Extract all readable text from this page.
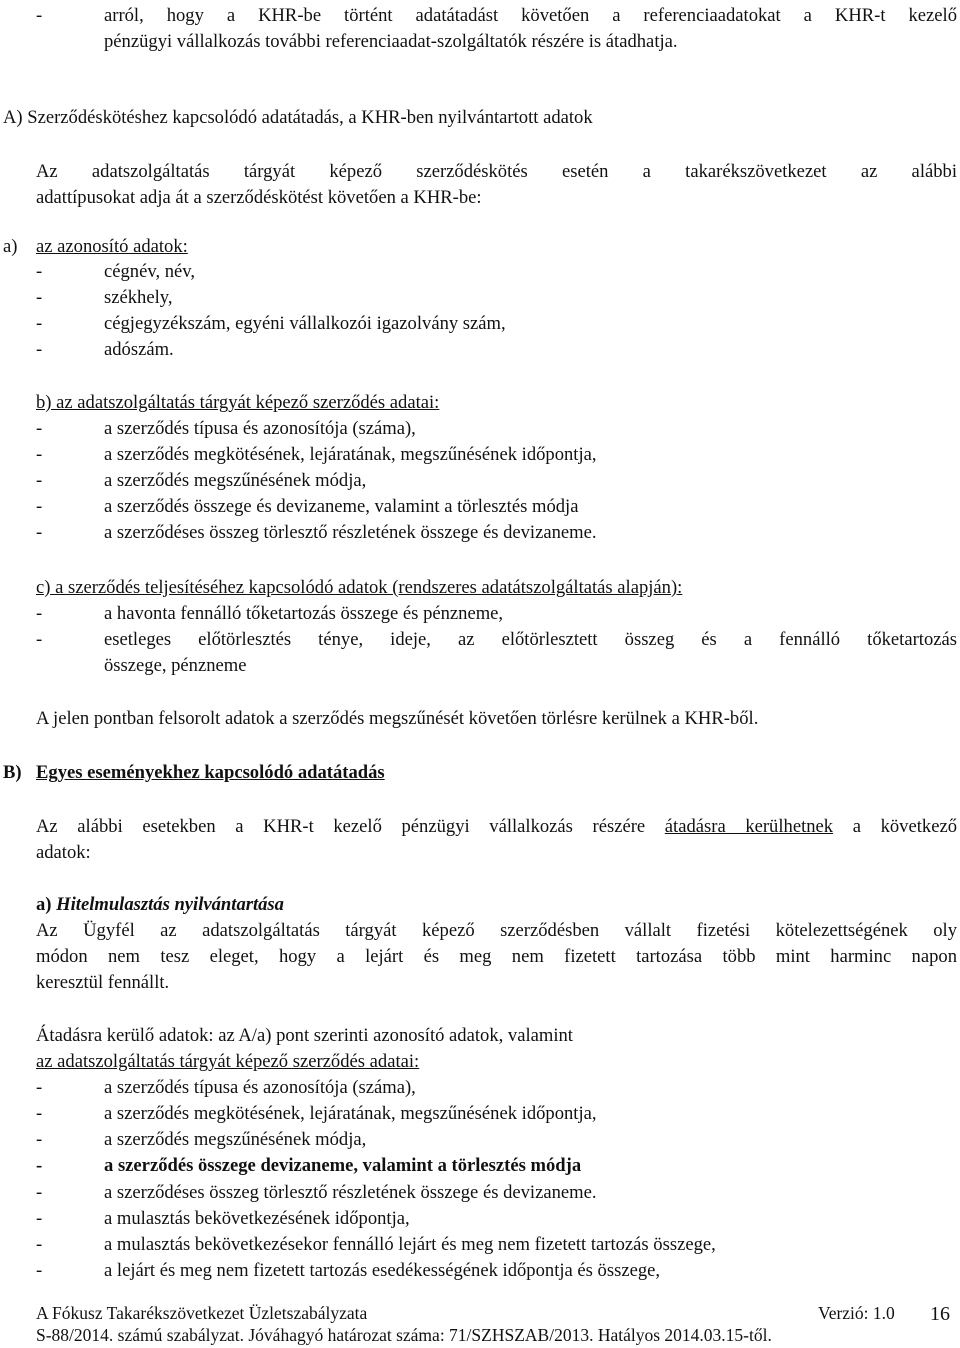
-	arról, hogy a KHR-be történt adatátadást követően a referenciaadatokat a KHR-t kezelő
pénzügyi vállalkozás további referenciaadat-szolgáltatók részére is átadhatja.
A) Szerződéskötéshez kapcsolódó adatátadás, a KHR-ben nyilvántartott adatok
Az adatszolgáltatás tárgyát képező szerződéskötés esetén a takarékszövetkezet az alábbi
adattípusokat adja át a szerződéskötést követően a KHR-be:
a) az azonosító adatok:
-	cégnév, név,
-	székhely,
-	cégjegyzékszám, egyéni vállalkozói igazolvány szám,
-	adószám.
b) az adatszolgáltatás tárgyát képező szerződés adatai:
-	a szerződés típusa és azonosítója (száma),
-	a szerződés megkötésének, lejáratának, megszűnésének időpontja,
-	a szerződés megszűnésének módja,
-	a szerződés összege és devizaneme, valamint a törlesztés módja
-	a szerződéses összeg törlesztő részletének összege és devizaneme.
c) a szerződés teljesítéséhez kapcsolódó adatok (rendszeres adatátszolgáltatás alapján):
-	a havonta fennálló tőketartozás összege és pénzneme,
-	esetleges előtörlesztés ténye, ideje, az előtörlesztett összeg és a fennálló tőketartozás
összege, pénzneme
A jelen pontban felsorolt adatok a szerződés megszűnését követően törlésre kerülnek a KHR-ből.
B) Egyes eseményekhez kapcsolódó adatátadás
Az alábbi esetekben a KHR-t kezelő pénzügyi vállalkozás részére átadásra kerülhetnek a következő
adatok:
a) Hitelmulasztás nyilvántartása
Az Ügyfél az adatszolgáltatás tárgyát képező szerződésben vállalt fizetési kötelezettségének oly
módon nem tesz eleget, hogy a lejárt és meg nem fizetett tartozása több mint harminc napon
keresztül fennállt.
Átadásra kerülő adatok: az A/a) pont szerinti azonosító adatok, valamint
az adatszolgáltatás tárgyát képező szerződés adatai:
-	a szerződés típusa és azonosítója (száma),
-	a szerződés megkötésének, lejáratának, megszűnésének időpontja,
-	a szerződés megszűnésének módja,
-	a szerződés összege devizaneme, valamint a törlesztés módja
-	a szerződéses összeg törlesztő részletének összege és devizaneme.
-	a mulasztás bekövetkezésének időpontja,
-	a mulasztás bekövetkezésekor fennálló lejárt és meg nem fizetett tartozás összege,
-	a lejárt és meg nem fizetett tartozás esedékességének időpontja és összege,
A Fókusz Takarékszövetkezet Üzletszabályzata	Verzió: 1.0
S-88/2014. számú szabályzat. Jóváhagyó határozat száma: 71/SZHSZAB/2013. Hatályos 2014.03.15-től.
16
